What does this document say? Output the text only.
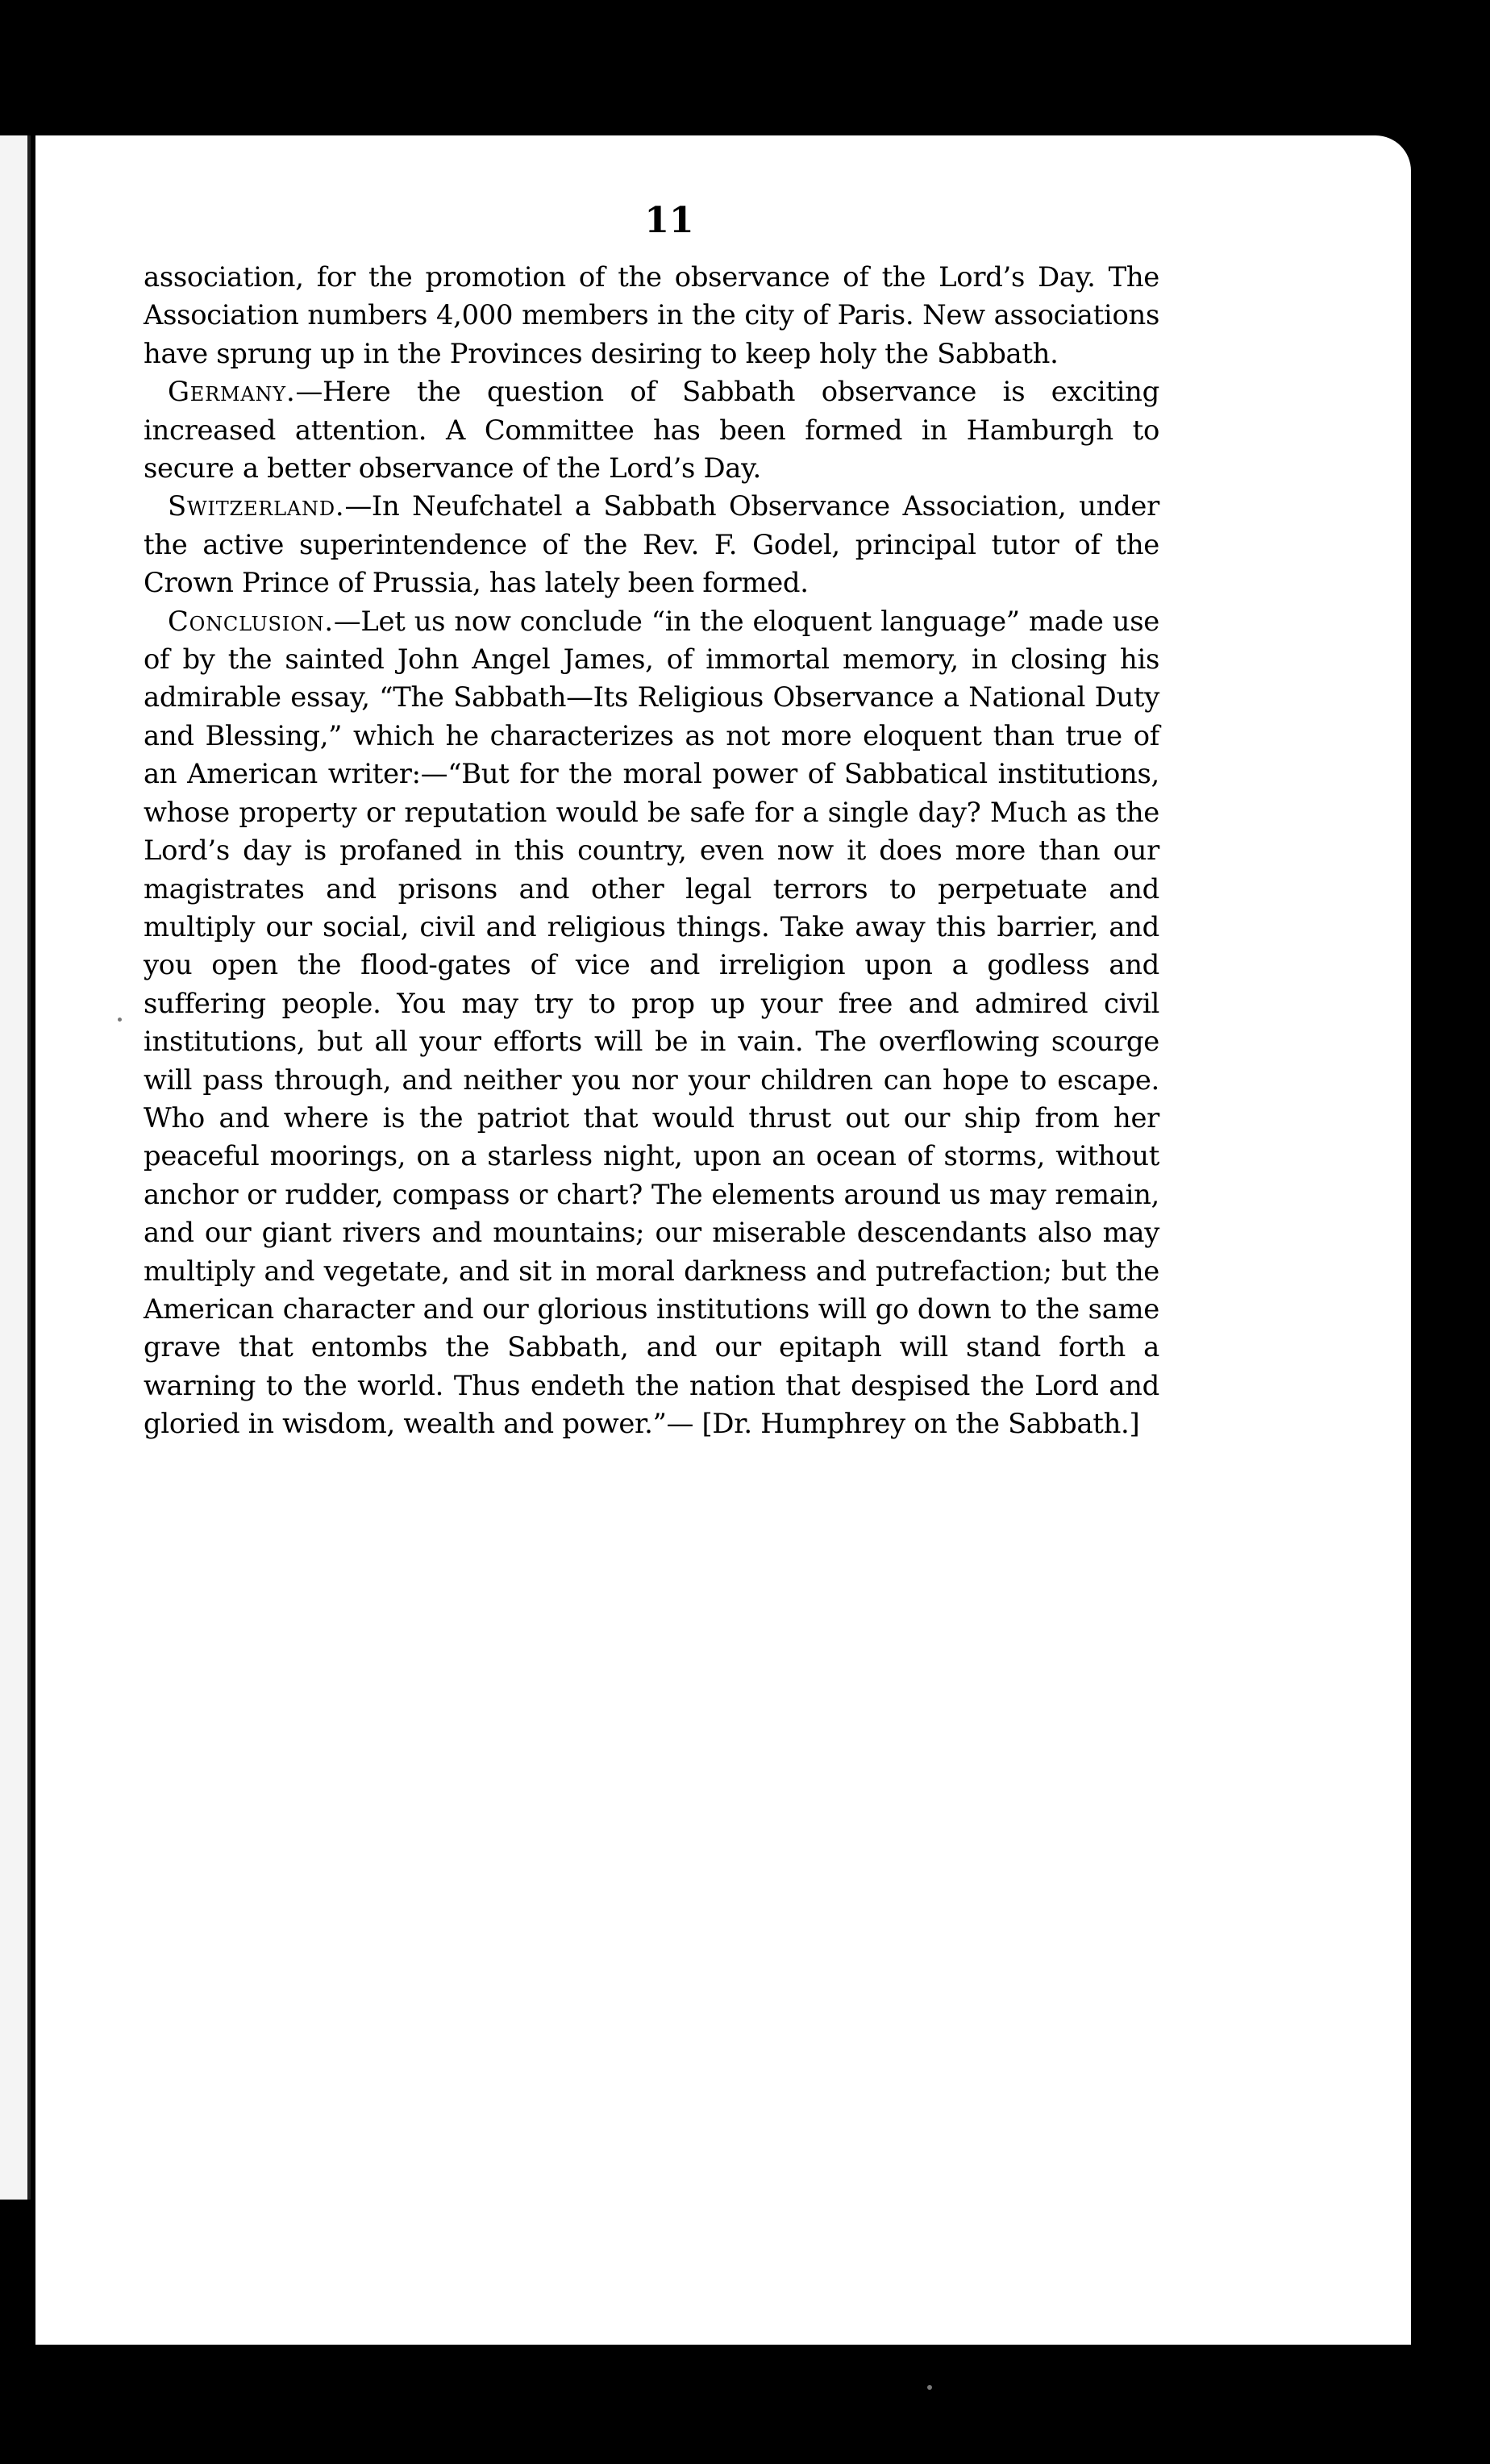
11

association, for the promotion of the observance of the Lord’s Day. The Association numbers 4,000 members in the city of Paris. New associations have sprung up in the Provinces desiring to keep holy the Sabbath.

Germany.—Here the question of Sabbath observance is exciting increased attention. A Committee has been formed in Hamburgh to secure a better observance of the Lord’s Day.

Switzerland.—In Neufchatel a Sabbath Observance Association, under the active superintendence of the Rev. F. Godel, principal tutor of the Crown Prince of Prussia, has lately been formed.

Conclusion.—Let us now conclude “in the eloquent language” made use of by the sainted John Angel James, of immortal memory, in closing his admirable essay, “The Sabbath—Its Religious Observance a National Duty and Blessing,” which he characterizes as not more eloquent than true of an American writer:—“But for the moral power of Sabbatical institutions, whose property or reputation would be safe for a single day? Much as the Lord’s day is profaned in this country, even now it does more than our magistrates and prisons and other legal terrors to perpetuate and multiply our social, civil and religious things. Take away this barrier, and you open the flood-gates of vice and irreligion upon a godless and suffering people. You may try to prop up your free and admired civil institutions, but all your efforts will be in vain. The overflowing scourge will pass through, and neither you nor your children can hope to escape. Who and where is the patriot that would thrust out our ship from her peaceful moorings, on a starless night, upon an ocean of storms, without anchor or rudder, compass or chart? The elements around us may remain, and our giant rivers and mountains; our miserable descendants also may multiply and vegetate, and sit in moral darkness and putrefaction; but the American character and our glorious institutions will go down to the same grave that entombs the Sabbath, and our epitaph will stand forth a warning to the world. Thus endeth the nation that despised the Lord and gloried in wisdom, wealth and power.”— [Dr. Humphrey on the Sabbath.]
